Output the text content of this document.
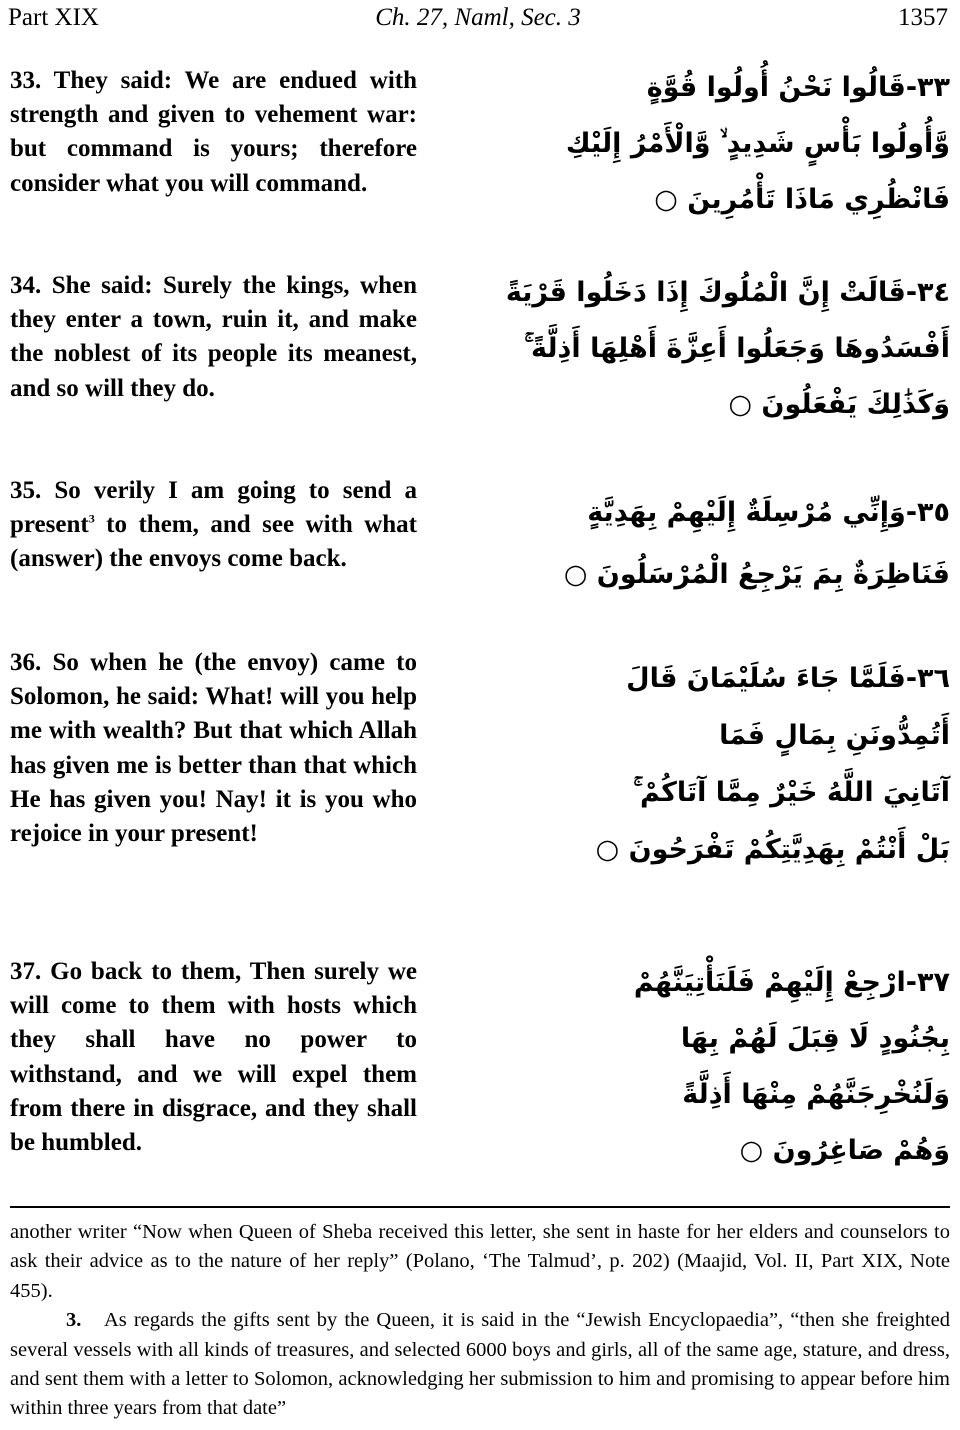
Part XIX	Ch. 27, Naml, Sec. 3	1357
33. They said: We are endued with strength and given to vehement war: but command is yours; therefore consider what you will command.
٣٣-قَالُوا نَحْنُ أُولُوا قُوَّةٍ
وَّأُولُوا بَأْسٍ شَدِيدٍ ۙ وَّالْأَمْرُ إِلَيْكِ
فَانْظُرِي مَاذَا تَأْمُرِينَ ○
34. She said: Surely the kings, when they enter a town, ruin it, and make the noblest of its people its meanest, and so will they do.
٣٤-قَالَتْ إِنَّ الْمُلُوكَ إِذَا دَخَلُوا قَرْيَةً
أَفْسَدُوهَا وَجَعَلُوا أَعِزَّةَ أَهْلِهَا أَذِلَّةً ۚ
وَكَذَٰلِكَ يَفْعَلُونَ ○
35. So verily I am going to send a present$^3$ to them, and see with what (answer) the envoys come back.
٣٥-وَإِنِّي مُرْسِلَةٌ إِلَيْهِمْ بِهَدِيَّةٍ
فَنَاظِرَةٌ بِمَ يَرْجِعُ الْمُرْسَلُونَ ○
36. So when he (the envoy) came to Solomon, he said: What! will you help me with wealth? But that which Allah has given me is better than that which He has given you! Nay! it is you who rejoice in your present!
٣٦-فَلَمَّا جَاءَ سُلَيْمَانَ قَالَ
أَتُمِدُّونَنِ بِمَالٍ فَمَا
آتَانِيَ اللَّهُ خَيْرٌ مِمَّا آتَاكُمْ ۚ
بَلْ أَنْتُمْ بِهَدِيَّتِكُمْ تَفْرَحُونَ ○
37. Go back to them, Then surely we will come to them with hosts which they shall have no power to withstand, and we will expel them from there in disgrace, and they shall be humbled.
٣٧-ارْجِعْ إِلَيْهِمْ فَلَنَأْتِيَنَّهُمْ
بِجُنُودٍ لَا قِبَلَ لَهُمْ بِهَا
وَلَنُخْرِجَنَّهُمْ مِنْهَا أَذِلَّةً
وَهُمْ صَاغِرُونَ ○

another writer “Now when Queen of Sheba received this letter, she sent in haste for her elders and counselors to ask their advice as to the nature of her reply” (Polano, ‘The Talmud’, p. 202) (Maajid, Vol. II, Part XIX, Note 455).

3. As regards the gifts sent by the Queen, it is said in the “Jewish Encyclopaedia”, “then she freighted several vessels with all kinds of treasures, and selected 6000 boys and girls, all of the same age, stature, and dress, and sent them with a letter to Solomon, acknowledging her submission to him and promising to appear before him within three years from that date”
